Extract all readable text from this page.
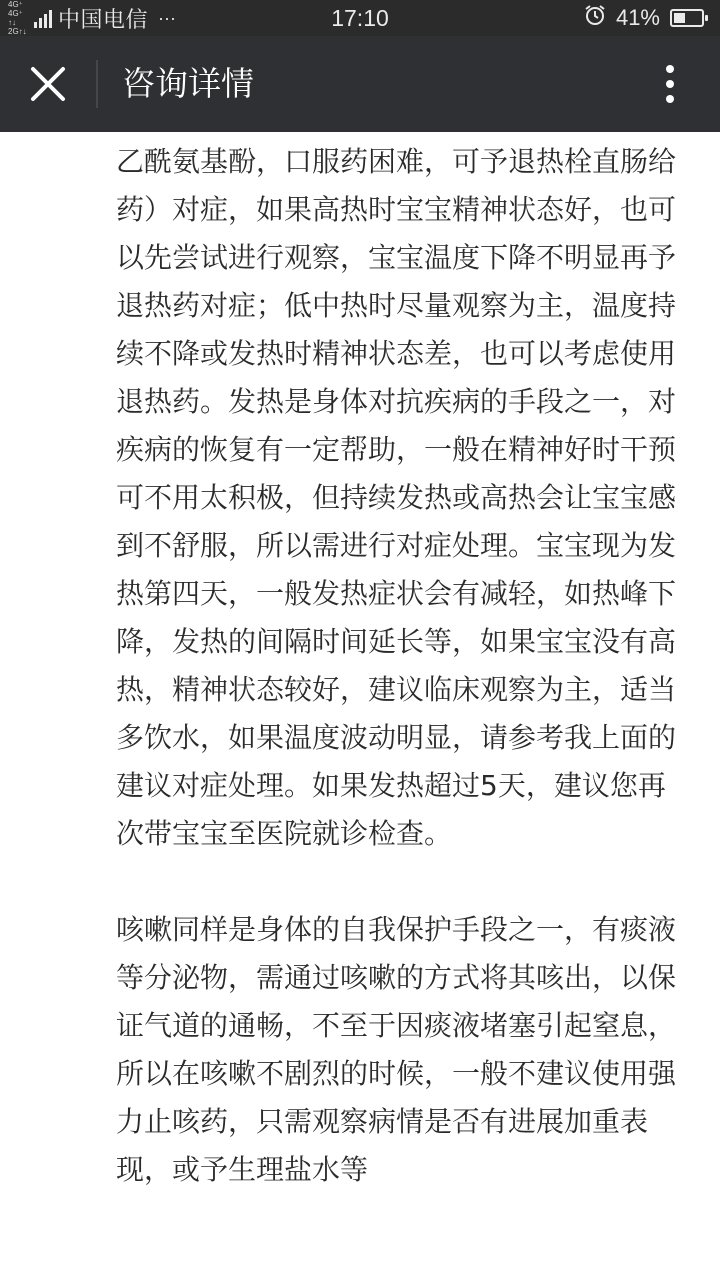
4G⁺ 4G⁺
↑↓ 2G↑↓ 中国电信 ···	17:10	41%
咨询详情

乙酰氨基酚，口服药困难，可予退热栓直肠给药）对症，如果高热时宝宝精神状态好，也可以先尝试进行观察，宝宝温度下降不明显再予退热药对症；低中热时尽量观察为主，温度持续不降或发热时精神状态差，也可以考虑使用退热药。发热是身体对抗疾病的手段之一，对疾病的恢复有一定帮助，一般在精神好时干预可不用太积极，但持续发热或高热会让宝宝感到不舒服，所以需进行对症处理。宝宝现为发热第四天，一般发热症状会有减轻，如热峰下降，发热的间隔时间延长等，如果宝宝没有高热，精神状态较好，建议临床观察为主，适当多饮水，如果温度波动明显，请参考我上面的建议对症处理。如果发热超过5天，建议您再次带宝宝至医院就诊检查。

咳嗽同样是身体的自我保护手段之一，有痰液等分泌物，需通过咳嗽的方式将其咳出，以保证气道的通畅，不至于因痰液堵塞引起窒息，所以在咳嗽不剧烈的时候，一般不建议使用强力止咳药，只需观察病情是否有进展加重表现，或予生理盐水等
